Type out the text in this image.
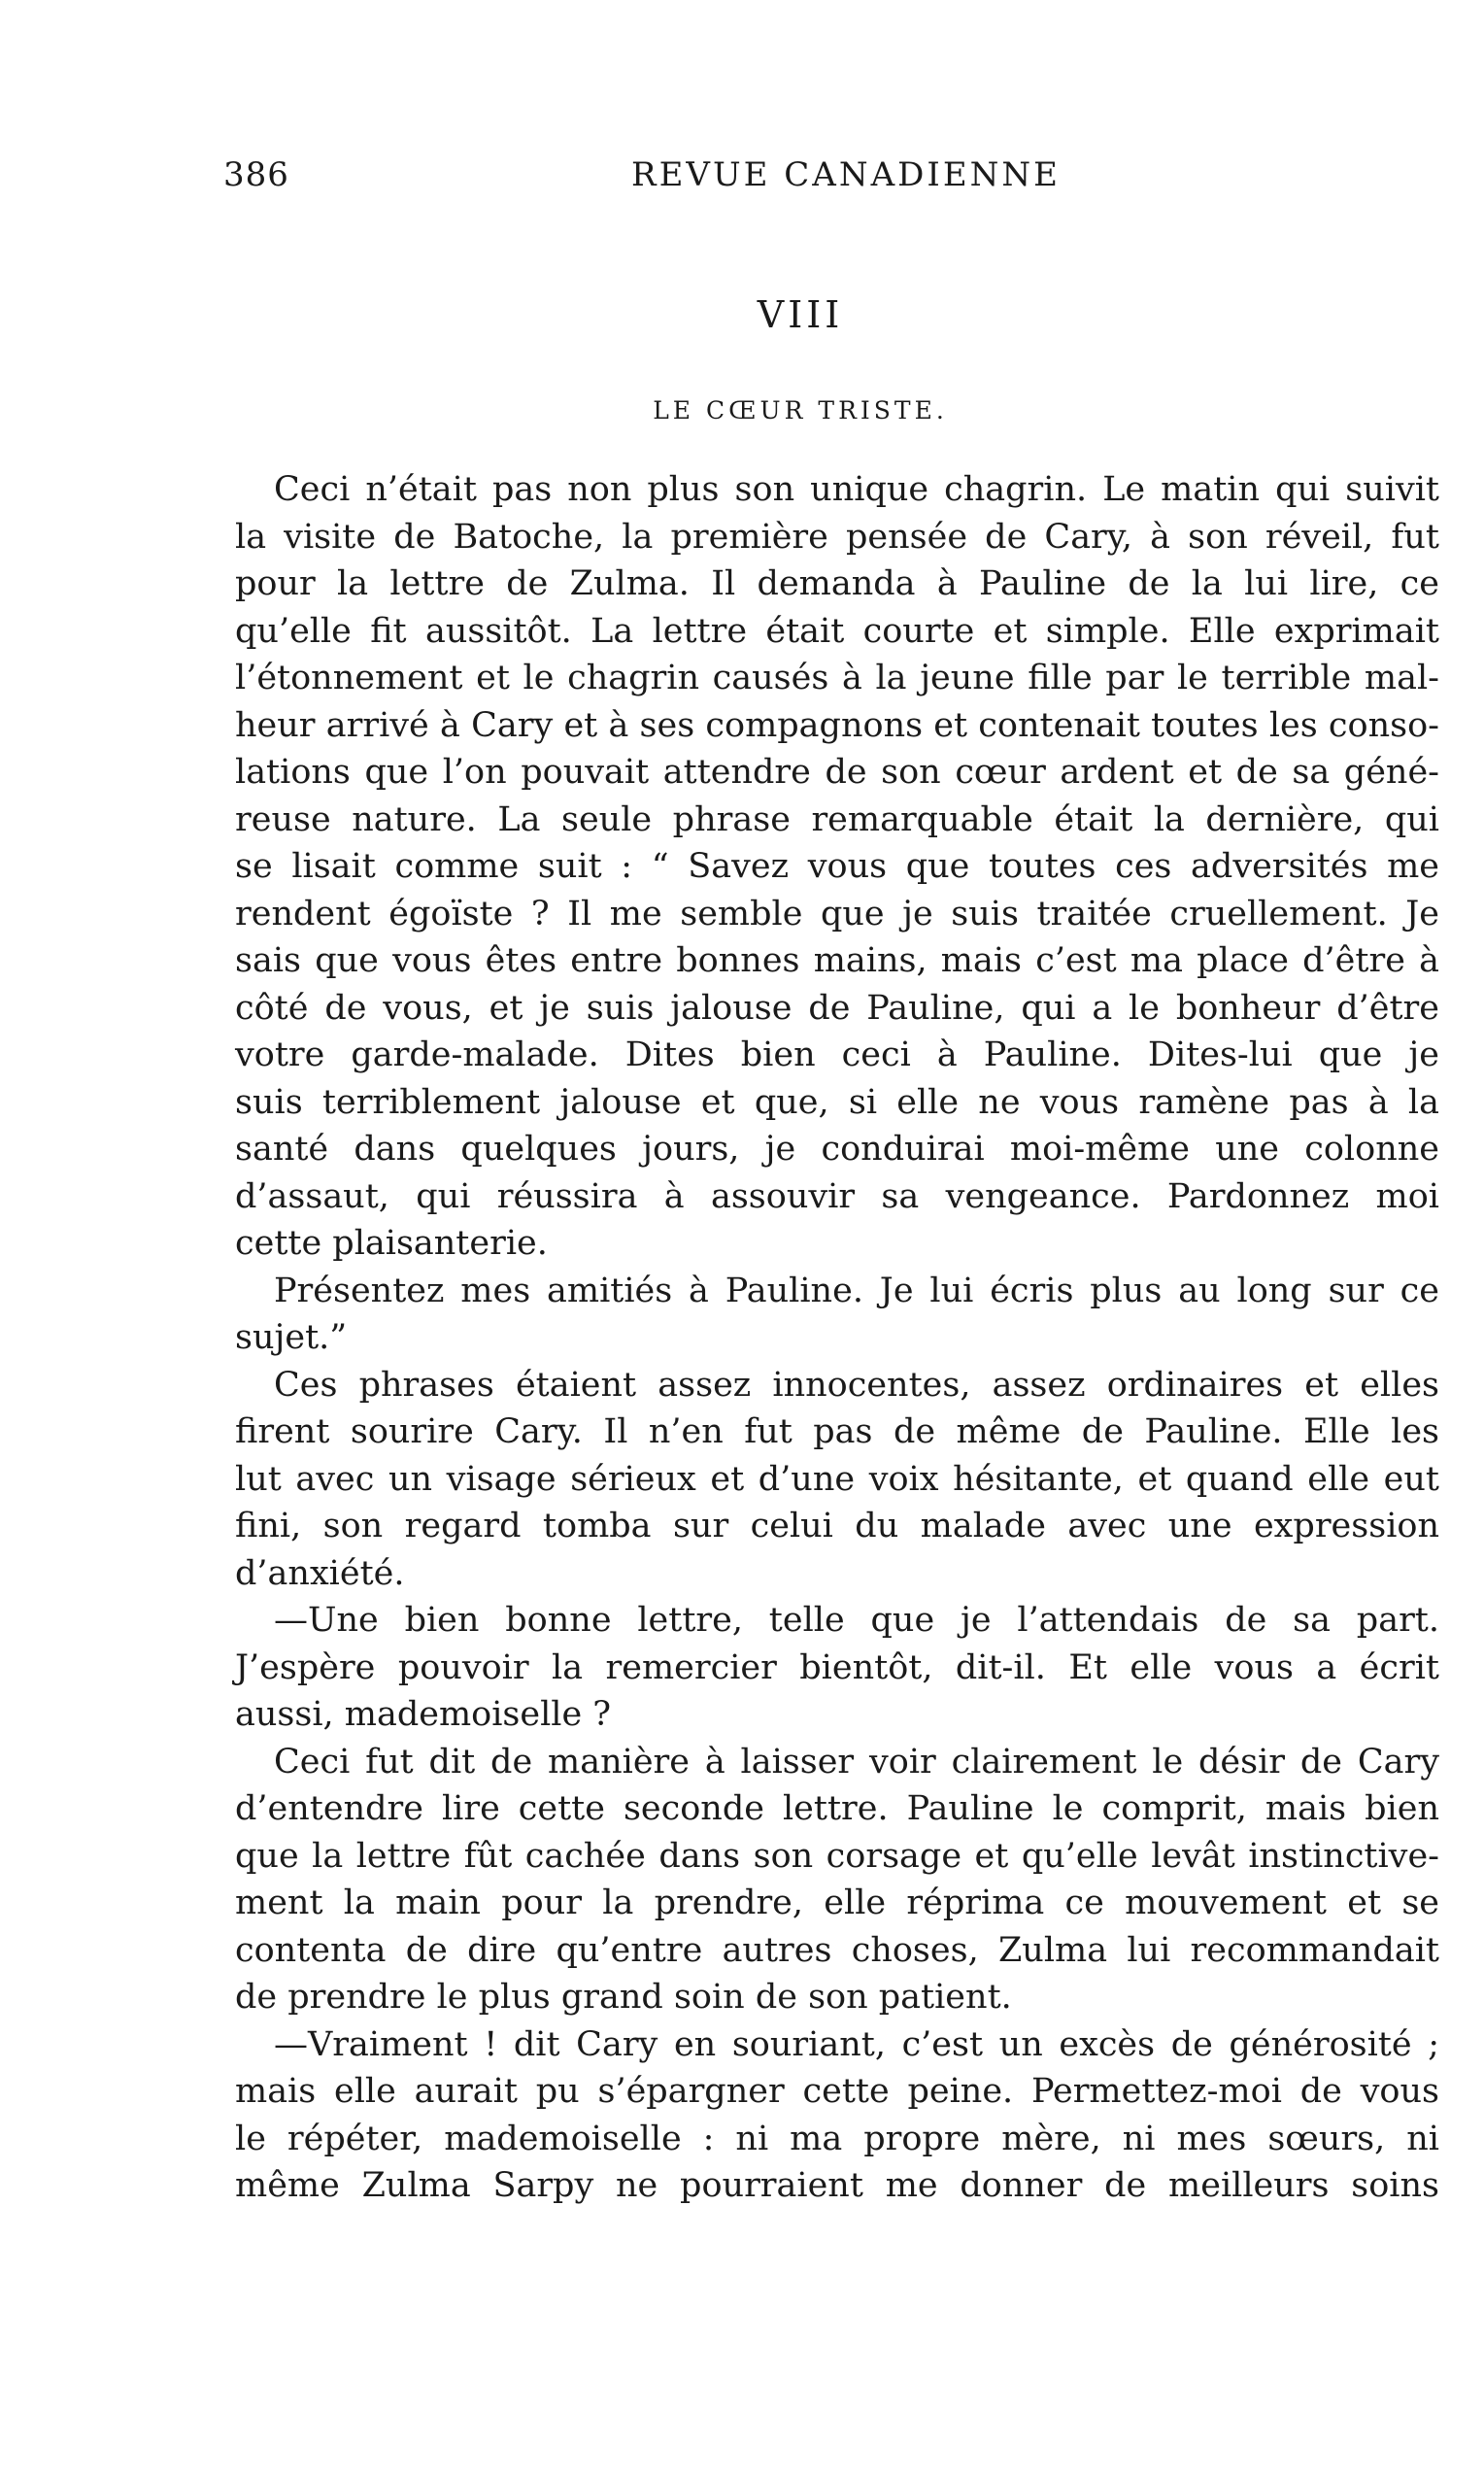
386	REVUE CANADIENNE
VIII
LE CŒUR TRISTE.
Ceci n’était pas non plus son unique chagrin. Le matin qui suivit
la visite de Batoche, la première pensée de Cary, à son réveil, fut
pour la lettre de Zulma. Il demanda à Pauline de la lui lire, ce
qu’elle fit aussitôt. La lettre était courte et simple. Elle exprimait
l’étonnement et le chagrin causés à la jeune fille par le terrible mal-
heur arrivé à Cary et à ses compagnons et contenait toutes les conso-
lations que l’on pouvait attendre de son cœur ardent et de sa géné-
reuse nature. La seule phrase remarquable était la dernière, qui
se lisait comme suit : “ Savez vous que toutes ces adversités me
rendent égoïste ? Il me semble que je suis traitée cruellement. Je
sais que vous êtes entre bonnes mains, mais c’est ma place d’être à
côté de vous, et je suis jalouse de Pauline, qui a le bonheur d’être
votre garde-malade. Dites bien ceci à Pauline. Dites-lui que je
suis terriblement jalouse et que, si elle ne vous ramène pas à la
santé dans quelques jours, je conduirai moi-même une colonne
d’assaut, qui réussira à assouvir sa vengeance. Pardonnez moi
cette plaisanterie.
Présentez mes amitiés à Pauline. Je lui écris plus au long sur ce
sujet.”
Ces phrases étaient assez innocentes, assez ordinaires et elles
firent sourire Cary. Il n’en fut pas de même de Pauline. Elle les
lut avec un visage sérieux et d’une voix hésitante, et quand elle eut
fini, son regard tomba sur celui du malade avec une expression
d’anxiété.
—Une bien bonne lettre, telle que je l’attendais de sa part.
J’espère pouvoir la remercier bientôt, dit-il. Et elle vous a écrit
aussi, mademoiselle ?
Ceci fut dit de manière à laisser voir clairement le désir de Cary
d’entendre lire cette seconde lettre. Pauline le comprit, mais bien
que la lettre fût cachée dans son corsage et qu’elle levât instinctive-
ment la main pour la prendre, elle réprima ce mouvement et se
contenta de dire qu’entre autres choses, Zulma lui recommandait
de prendre le plus grand soin de son patient.
—Vraiment ! dit Cary en souriant, c’est un excès de générosité ;
mais elle aurait pu s’épargner cette peine. Permettez-moi de vous
le répéter, mademoiselle : ni ma propre mère, ni mes sœurs, ni
même Zulma Sarpy ne pourraient me donner de meilleurs soins
